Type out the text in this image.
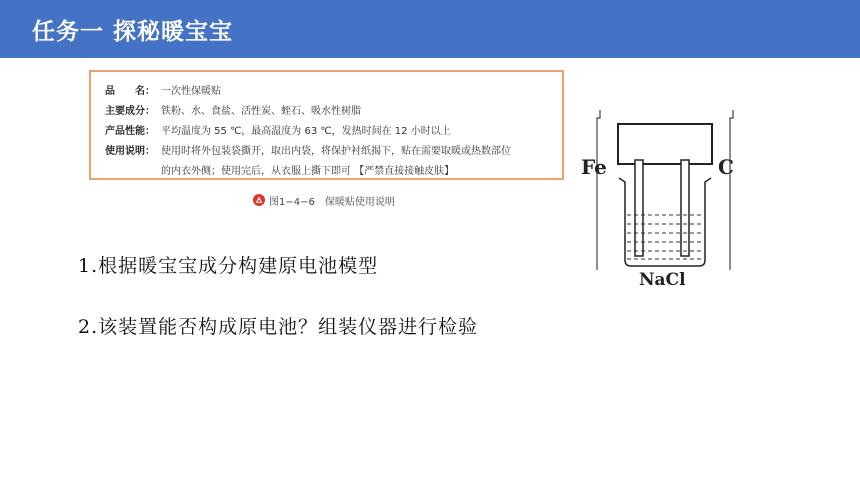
任务一 探秘暖宝宝
品　　名： 一次性保暖贴
主要成分： 铁粉、水、食盐、活性炭、蛭石、吸水性树脂
产品性能： 平均温度为 55 ℃，最高温度为 63 ℃，发热时间在 12 小时以上
使用说明： 使用时将外包装袋撕开，取出内袋，将保护衬纸揭下，贴在需要取暖或热数部位
的内衣外侧；使用完后，从衣服上撕下即可 【严禁直接接触皮肤】
图1−4−6 保暖贴使用说明
Fe	C
NaCl
1.根据暖宝宝成分构建原电池模型
2.该装置能否构成原电池？组装仪器进行检验
